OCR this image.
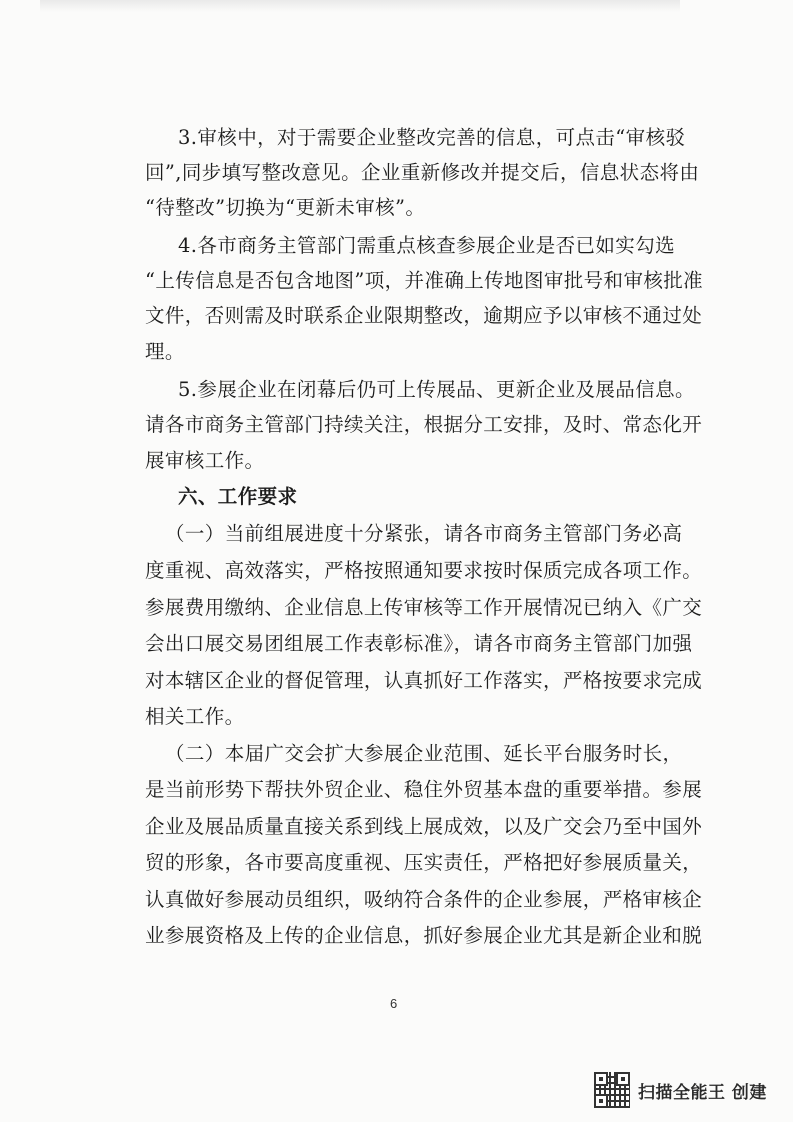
3.审核中，对于需要企业整改完善的信息，可点击“审核驳
回”,同步填写整改意见。企业重新修改并提交后，信息状态将由
“待整改”切换为“更新未审核”。
4.各市商务主管部门需重点核查参展企业是否已如实勾选
“上传信息是否包含地图”项，并准确上传地图审批号和审核批准
文件，否则需及时联系企业限期整改，逾期应予以审核不通过处
理。
5.参展企业在闭幕后仍可上传展品、更新企业及展品信息。
请各市商务主管部门持续关注，根据分工安排，及时、常态化开
展审核工作。
六、工作要求
（一）当前组展进度十分紧张，请各市商务主管部门务必高
度重视、高效落实，严格按照通知要求按时保质完成各项工作。
参展费用缴纳、企业信息上传审核等工作开展情况已纳入《广交
会出口展交易团组展工作表彰标准》，请各市商务主管部门加强
对本辖区企业的督促管理，认真抓好工作落实，严格按要求完成
相关工作。
（二）本届广交会扩大参展企业范围、延长平台服务时长，
是当前形势下帮扶外贸企业、稳住外贸基本盘的重要举措。参展
企业及展品质量直接关系到线上展成效，以及广交会乃至中国外
贸的形象，各市要高度重视、压实责任，严格把好参展质量关，
认真做好参展动员组织，吸纳符合条件的企业参展，严格审核企
业参展资格及上传的企业信息，抓好参展企业尤其是新企业和脱
6
扫描全能王 创建
